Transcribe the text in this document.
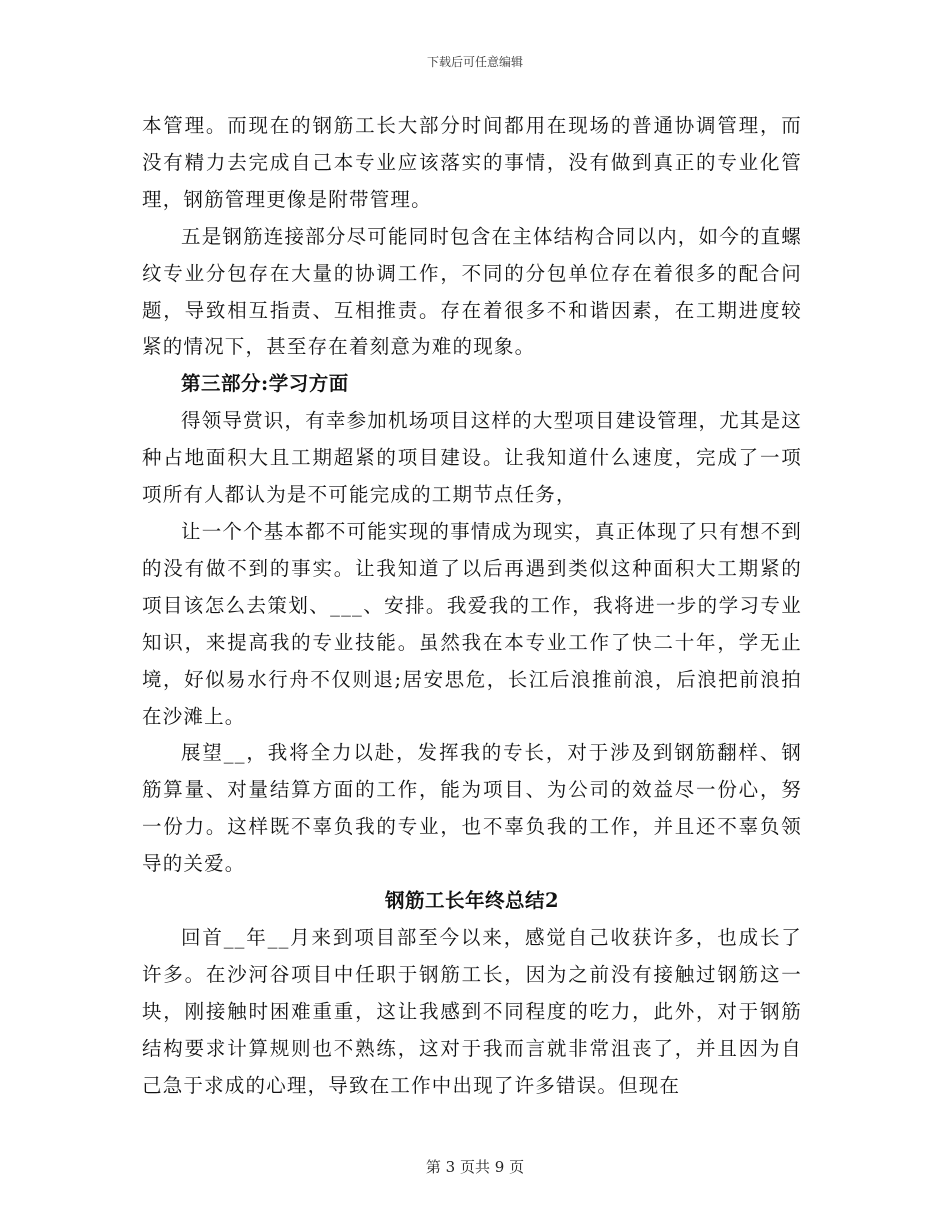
下载后可任意编辑

本管理。而现在的钢筋工长大部分时间都用在现场的普通协调管理，而没有精力去完成自己本专业应该落实的事情，没有做到真正的专业化管理，钢筋管理更像是附带管理。

五是钢筋连接部分尽可能同时包含在主体结构合同以内，如今的直螺纹专业分包存在大量的协调工作，不同的分包单位存在着很多的配合问题，导致相互指责、互相推责。存在着很多不和谐因素，在工期进度较紧的情况下，甚至存在着刻意为难的现象。

第三部分:学习方面

得领导赏识，有幸参加机场项目这样的大型项目建设管理，尤其是这种占地面积大且工期超紧的项目建设。让我知道什么速度，完成了一项项所有人都认为是不可能完成的工期节点任务，

让一个个基本都不可能实现的事情成为现实，真正体现了只有想不到的没有做不到的事实。让我知道了以后再遇到类似这种面积大工期紧的项目该怎么去策划、___、安排。我爱我的工作，我将进一步的学习专业知识，来提高我的专业技能。虽然我在本专业工作了快二十年，学无止境，好似易水行舟不仅则退;居安思危，长江后浪推前浪，后浪把前浪拍在沙滩上。

展望__，我将全力以赴，发挥我的专长，对于涉及到钢筋翻样、钢筋算量、对量结算方面的工作，能为项目、为公司的效益尽一份心，努一份力。这样既不辜负我的专业，也不辜负我的工作，并且还不辜负领导的关爱。

钢筋工长年终总结2

回首__年__月来到项目部至今以来，感觉自己收获许多，也成长了许多。在沙河谷项目中任职于钢筋工长，因为之前没有接触过钢筋这一块，刚接触时困难重重，这让我感到不同程度的吃力，此外，对于钢筋结构要求计算规则也不熟练，这对于我而言就非常沮丧了，并且因为自己急于求成的心理，导致在工作中出现了许多错误。但现在

第 3 页共 9 页
